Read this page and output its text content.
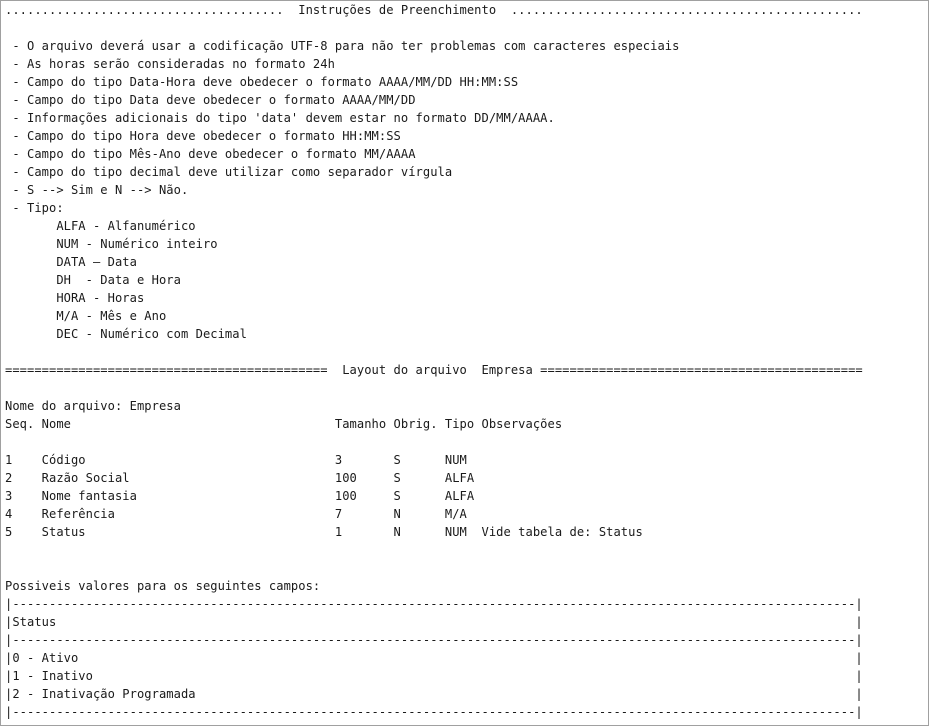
......................................  Instruções de Preenchimento  ................................................

- O arquivo deverá usar a codificação UTF-8 para não ter problemas com caracteres especiais
- As horas serão consideradas no formato 24h
- Campo do tipo Data-Hora deve obedecer o formato AAAA/MM/DD HH:MM:SS
- Campo do tipo Data deve obedecer o formato AAAA/MM/DD
- Informações adicionais do tipo 'data' devem estar no formato DD/MM/AAAA.
- Campo do tipo Hora deve obedecer o formato HH:MM:SS
- Campo do tipo Mês-Ano deve obedecer o formato MM/AAAA
- Campo do tipo decimal deve utilizar como separador vírgula
- S --> Sim e N --> Não.
- Tipo:
ALFA - Alfanumérico
NUM - Numérico inteiro
DATA – Data
DH  - Data e Hora
HORA - Horas
M/A - Mês e Ano
DEC - Numérico com Decimal

============================================  Layout do arquivo  Empresa ============================================

Nome do arquivo: Empresa
Seq. Nome                                    Tamanho Obrig. Tipo Observações

1    Código                                  3       S      NUM
2    Razão Social                            100     S      ALFA
3    Nome fantasia                           100     S      ALFA
4    Referência                              7       N      M/A
5    Status                                  1       N      NUM  Vide tabela de: Status

Possiveis valores para os seguintes campos:
|-------------------------------------------------------------------------------------------------------------------|
|Status                                                                                                             |
|-------------------------------------------------------------------------------------------------------------------|
|0 - Ativo                                                                                                          |
|1 - Inativo                                                                                                        |
|2 - Inativação Programada                                                                                          |
|-------------------------------------------------------------------------------------------------------------------|
